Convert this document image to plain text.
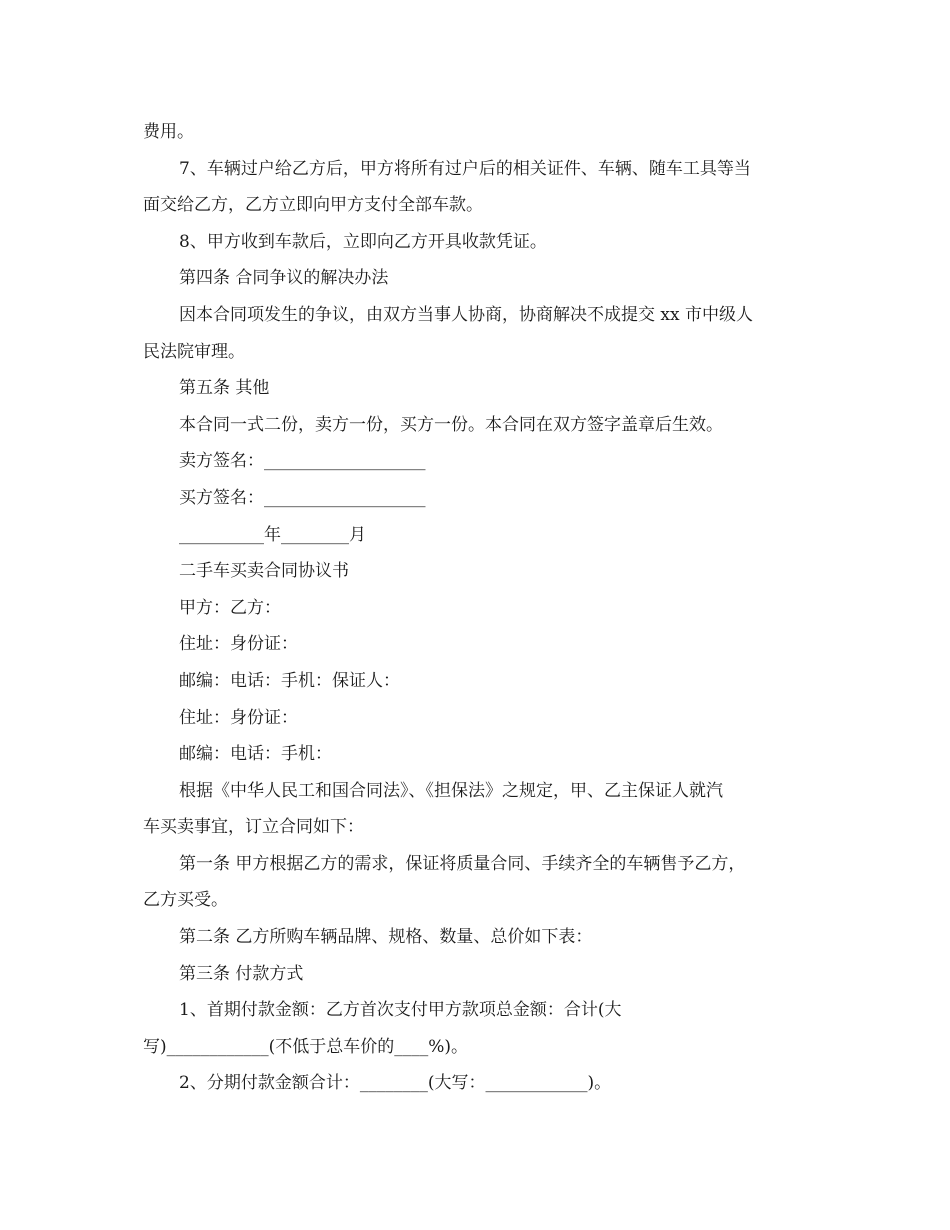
费用。

7、车辆过户给乙方后，甲方将所有过户后的相关证件、车辆、随车工具等当

面交给乙方，乙方立即向甲方支付全部车款。

8、甲方收到车款后，立即向乙方开具收款凭证。

第四条 合同争议的解决办法

因本合同项发生的争议，由双方当事人协商，协商解决不成提交 xx 市中级人

民法院审理。

第五条 其他

本合同一式二份，卖方一份，买方一份。本合同在双方签字盖章后生效。

卖方签名：___________________

买方签名：___________________

__________年________月

二手车买卖合同协议书

甲方：乙方：

住址：身份证：

邮编：电话：手机：保证人：

住址：身份证：

邮编：电话：手机：

根据《中华人民工和国合同法》、《担保法》之规定，甲、乙主保证人就汽

车买卖事宜，订立合同如下：

第一条 甲方根据乙方的需求，保证将质量合同、手续齐全的车辆售予乙方，

乙方买受。

第二条 乙方所购车辆品牌、规格、数量、总价如下表：

第三条 付款方式

1、首期付款金额：乙方首次支付甲方款项总金额：合计(大

写)____________(不低于总车价的____%)。

2、分期付款金额合计：________(大写：____________)。
